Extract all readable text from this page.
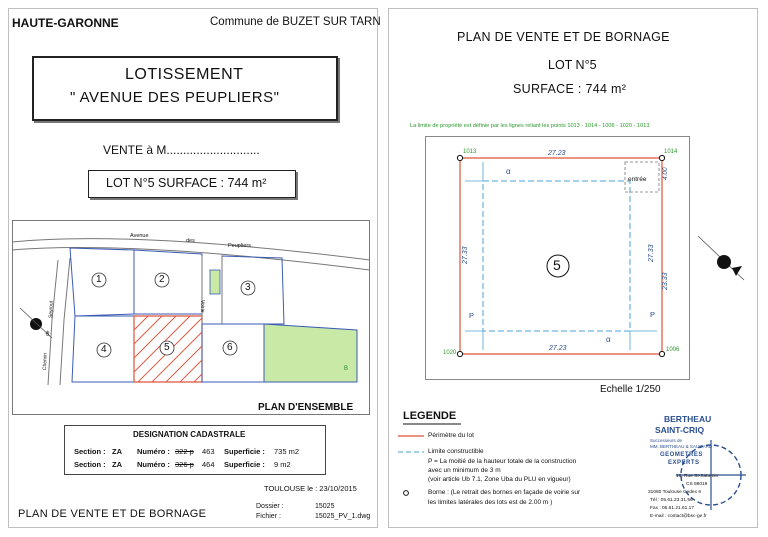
HAUTE-GARONNE	Commune de BUZET SUR TARN
LOTISSEMENT
" AVENUE DES PEUPLIERS"
VENTE à M............................
LOT N°5 SURFACE : 744 m²
Avenue
des
Peupliers
Chemin
de
Seyrout	Voirie
1	2
3
4	5	6
B
PLAN D'ENSEMBLE
DESIGNATION CADASTRALE
Section : ZA Numéro : 322 p 463 Superficie : 735 m2
Section : ZA Numéro : 326 p 464 Superficie : 9 m2
TOULOUSE le : 23/10/2015
Dossier :	15025
Fichier :	15025_PV_1.dwg
PLAN DE VENTE ET DE BORNAGE
PLAN DE VENTE ET DE BORNAGE
LOT N°5
SURFACE : 744 m²
La limite de propriété est définie par les lignes reliant les points 1013 - 1014 - 1006 - 1020 - 1013
1013	1014
1006
1020
27.23
27.23
27.33	27.33
23.33
4.00
entrée
5
α
α
P	P
Echelle 1/250
LEGENDE
Périmètre du lot
Limite constructible
P = La moitié de la hauteur totale de la construction
avec un minimum de 3 m
(voir article Ub 7.1, Zone Uba du PLU en vigueur)
Borne : (Le retrait des bornes en façade de voirie sur
les limites latérales des lots est de 2.00 m )
BERTHEAU
SAINT-CRIQ
Successeurs de
MM. BERTHEAU & SAUGARD
GEOMETRES
EXPERTS
16, Rue St-Saturnin
CS 98019
31080 Toulouse Cedex 6
Tél : 05.61.23.31.56
Fax : 05.61.21.61.17
E-mail : contact@bsc-ge.fr
